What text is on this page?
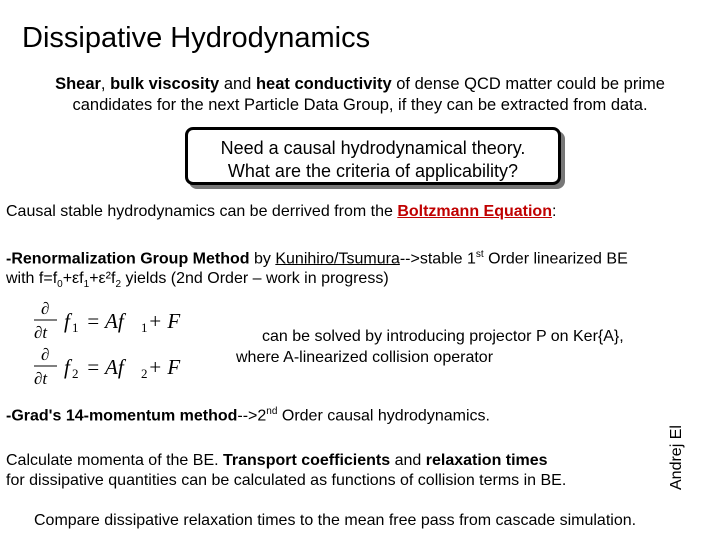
Dissipative Hydrodynamics
Shear, bulk viscosity and heat conductivity of dense QCD matter could be prime candidates for the next Particle Data Group, if they can be extracted from data.
Need a causal hydrodynamical theory.
What are the criteria of applicability?
Causal stable hydrodynamics can be derrived from the Boltzmann Equation:
-Renormalization Group Method by Kunihiro/Tsumura-->stable 1st Order linearized BE
with $f=f_0+\varepsilon f_1+\varepsilon^2f_2$ yields (2nd Order – work in progress)
∂
∂t f 1 = Af 1 + F
∂
∂t f 2 = Af 2 + F
can be solved by introducing projector P on Ker{A},
where A-linearized collision operator
-Grad's 14-momentum method-->2nd Order causal hydrodynamics.
Calculate momenta of the BE. Transport coefficients and relaxation times
for dissipative quantities can be calculated as functions of collision terms in BE.	Andrej El
Compare dissipative relaxation times to the mean free pass from cascade simulation.
